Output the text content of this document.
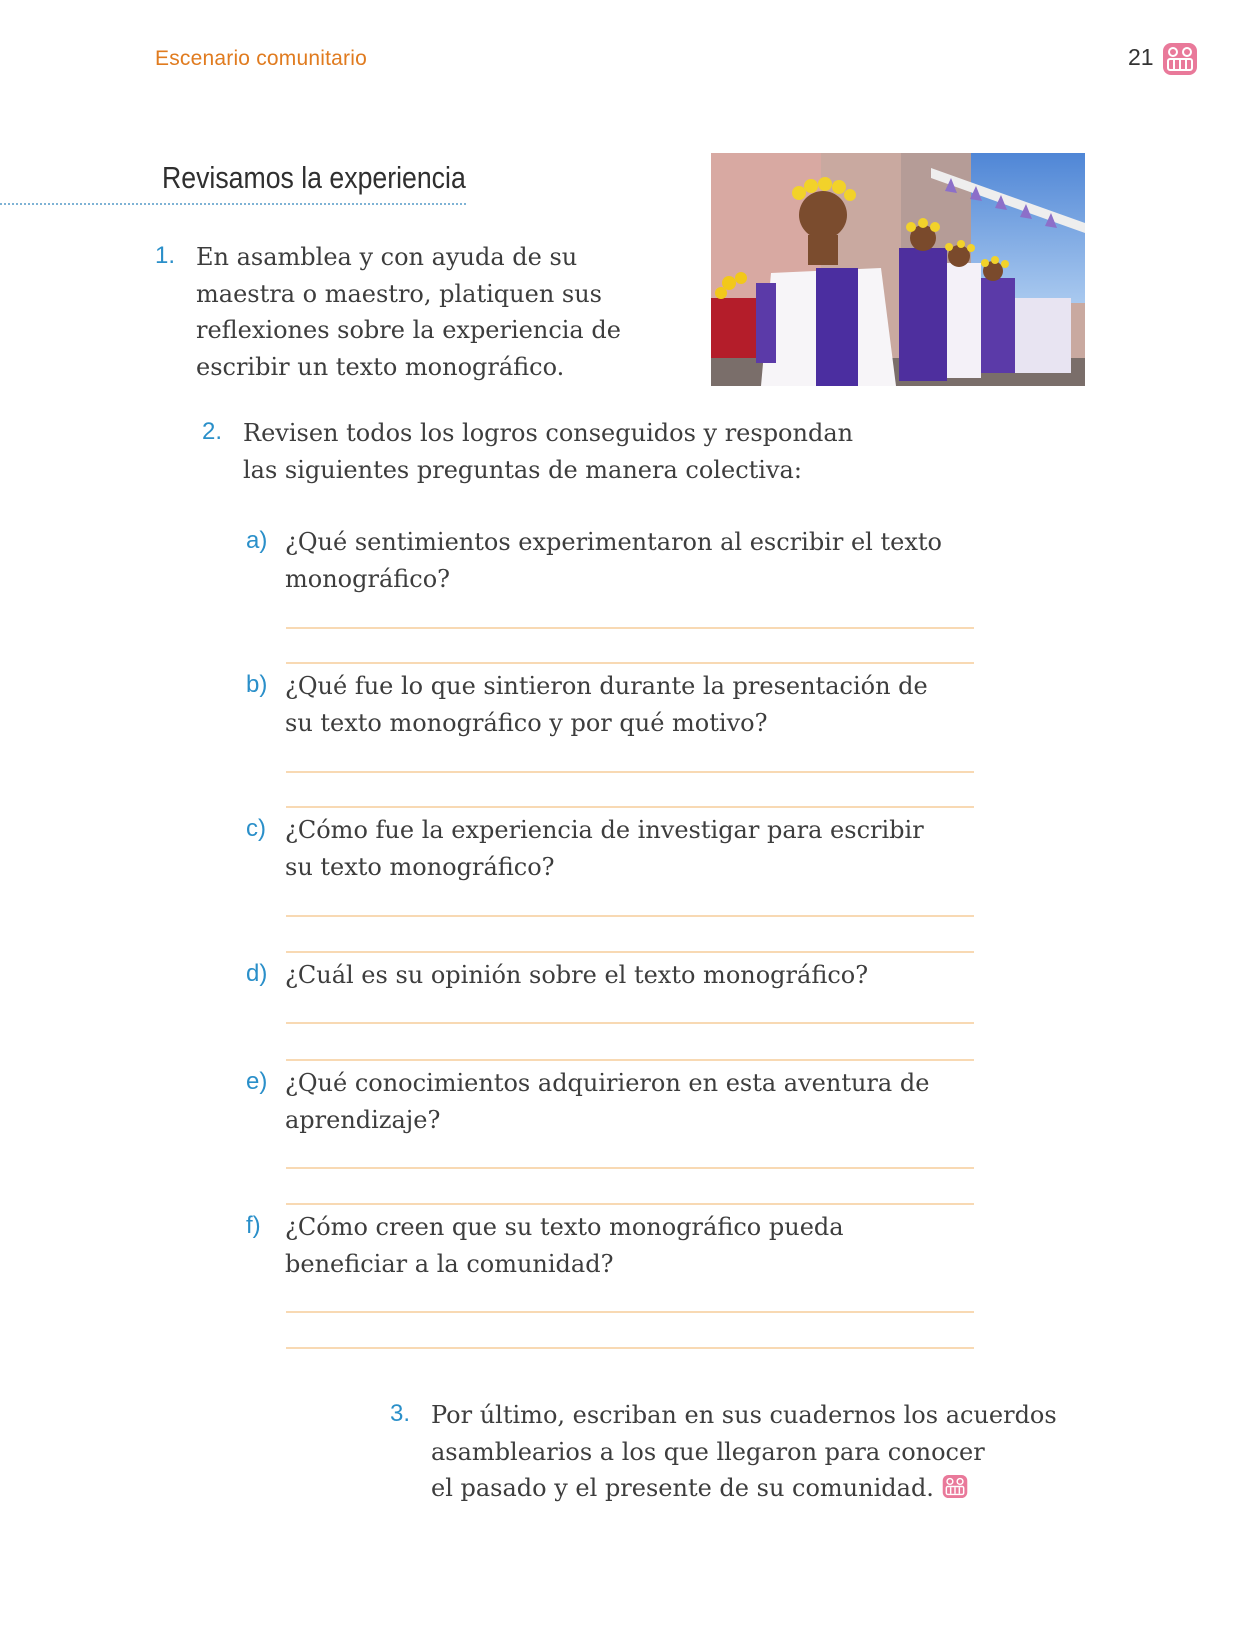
Escenario comunitario	21
Revisamos la experiencia
1. En asamblea y con ayuda de su
maestra o maestro, platiquen sus
reflexiones sobre la experiencia de
escribir un texto monográfico.
2. Revisen todos los logros conseguidos y respondan
las siguientes preguntas de manera colectiva:
a) ¿Qué sentimientos experimentaron al escribir el texto
monográfico?
b) ¿Qué fue lo que sintieron durante la presentación de
su texto monográfico y por qué motivo?
c) ¿Cómo fue la experiencia de investigar para escribir
su texto monográfico?
d) ¿Cuál es su opinión sobre el texto monográfico?
e) ¿Qué conocimientos adquirieron en esta aventura de
aprendizaje?
f) ¿Cómo creen que su texto monográfico pueda
beneficiar a la comunidad?
3. Por último, escriban en sus cuadernos los acuerdos
asamblearios a los que llegaron para conocer
el pasado y el presente de su comunidad.
